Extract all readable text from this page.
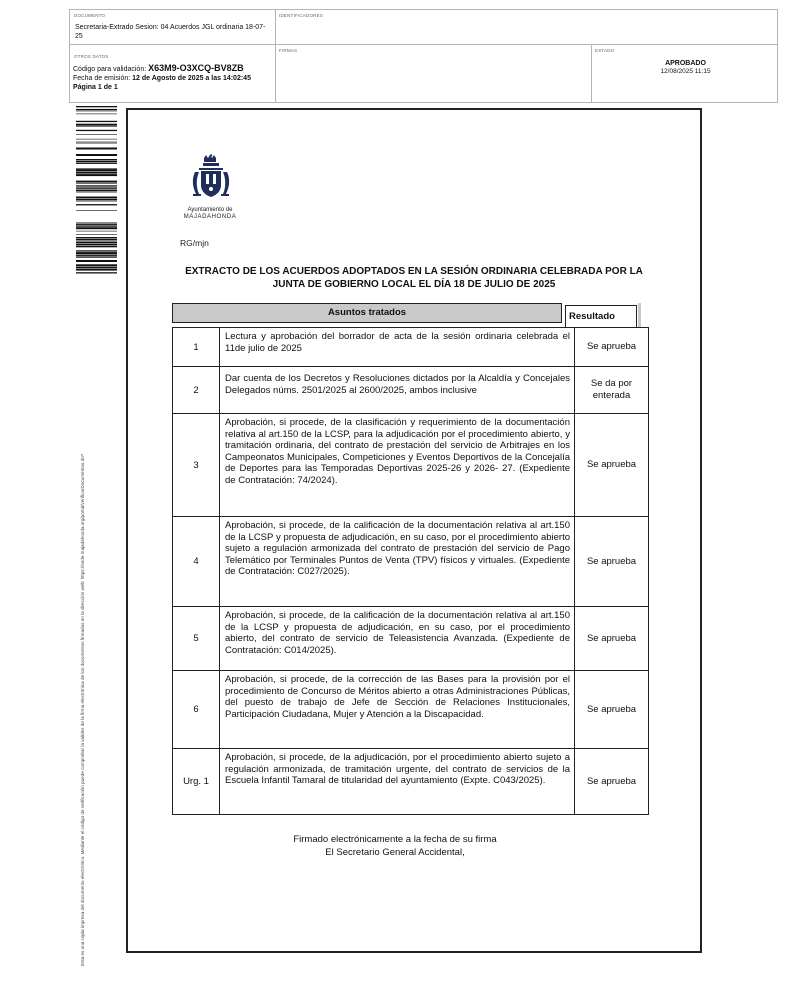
DOCUMENTO
Secretaria-Extrado Sesion: 04 Acuerdos JGL ordinaria 18-07-25
IDENTIFICADORES
OTROS DATOS
Código para validación: X63M9-O3XCQ-BV8ZB
Fecha de emisión: 12 de Agosto de 2025 a las 14:02:45
Página 1 de 1
FIRMAS	ESTADO
APROBADO
12/08/2025 11:15
Esta es una copia impresa del documento electrónico. Mediante el código de verificación puede comprobar la validez de la firma electrónica de los documentos firmados en la dirección web: https://sede.majadahonda.org/portal/verificarDocumentos.do?
Ayuntamiento de
MAJADAHONDA
RG/mjn
EXTRACTO DE LOS ACUERDOS ADOPTADOS EN LA SESIÓN ORDINARIA CELEBRADA POR LA JUNTA DE GOBIERNO LOCAL EL DÍA 18 DE JULIO DE 2025
Asuntos tratados	Resultado
1
Lectura y aprobación del borrador de acta de la sesión ordinaria celebrada el 11de julio de 2025	Se aprueba
2
Dar cuenta de los Decretos y Resoluciones dictados por la Alcaldía y Concejales Delegados núms. 2501/2025 al 2600/2025, ambos inclusive
Se da por enterada
3
Aprobación, si procede, de la clasificación y requerimiento de la documentación relativa al art.150 de la LCSP, para la adjudicación por el procedimiento abierto, y tramitación ordinaria, del contrato de prestación del servicio de Arbitrajes en los Campeonatos Municipales, Competiciones y Eventos Deportivos de la Concejalía de Deportes para las Temporadas Deportivas 2025-26 y 2026- 27. (Expediente de Contratación: 74/2024).
Se aprueba
4
Aprobación, si procede, de la calificación de la documentación relativa al art.150 de la LCSP y propuesta de adjudicación, en su caso, por el procedimiento abierto sujeto a regulación armonizada del contrato de prestación del servicio de Pago Telemático por Terminales Puntos de Venta (TPV) físicos y virtuales. (Expediente de Contratación: C027/2025).
Se aprueba
5
Aprobación, si procede, de la calificación de la documentación relativa al art.150 de la LCSP y propuesta de adjudicación, en su caso, por el procedimiento abierto, del contrato de servicio de Teleasistencia Avanzada. (Expediente de Contratación: C014/2025).
Se aprueba
6
Aprobación, si procede, de la corrección de las Bases para la provisión por el procedimiento de Concurso de Méritos abierto a otras Administraciones Públicas, del puesto de trabajo de Jefe de Sección de Relaciones Institucionales, Participación Ciudadana, Mujer y Atención a la Discapacidad.	Se aprueba
Urg. 1
Aprobación, si procede, de la adjudicación, por el procedimiento abierto sujeto a regulación armonizada, de tramitación urgente, del contrato de servicios de la Escuela Infantil Tamaral de titularidad del ayuntamiento (Expte. C043/2025).	Se aprueba
Firmado electrónicamente a la fecha de su firma
El Secretario General Accidental,
